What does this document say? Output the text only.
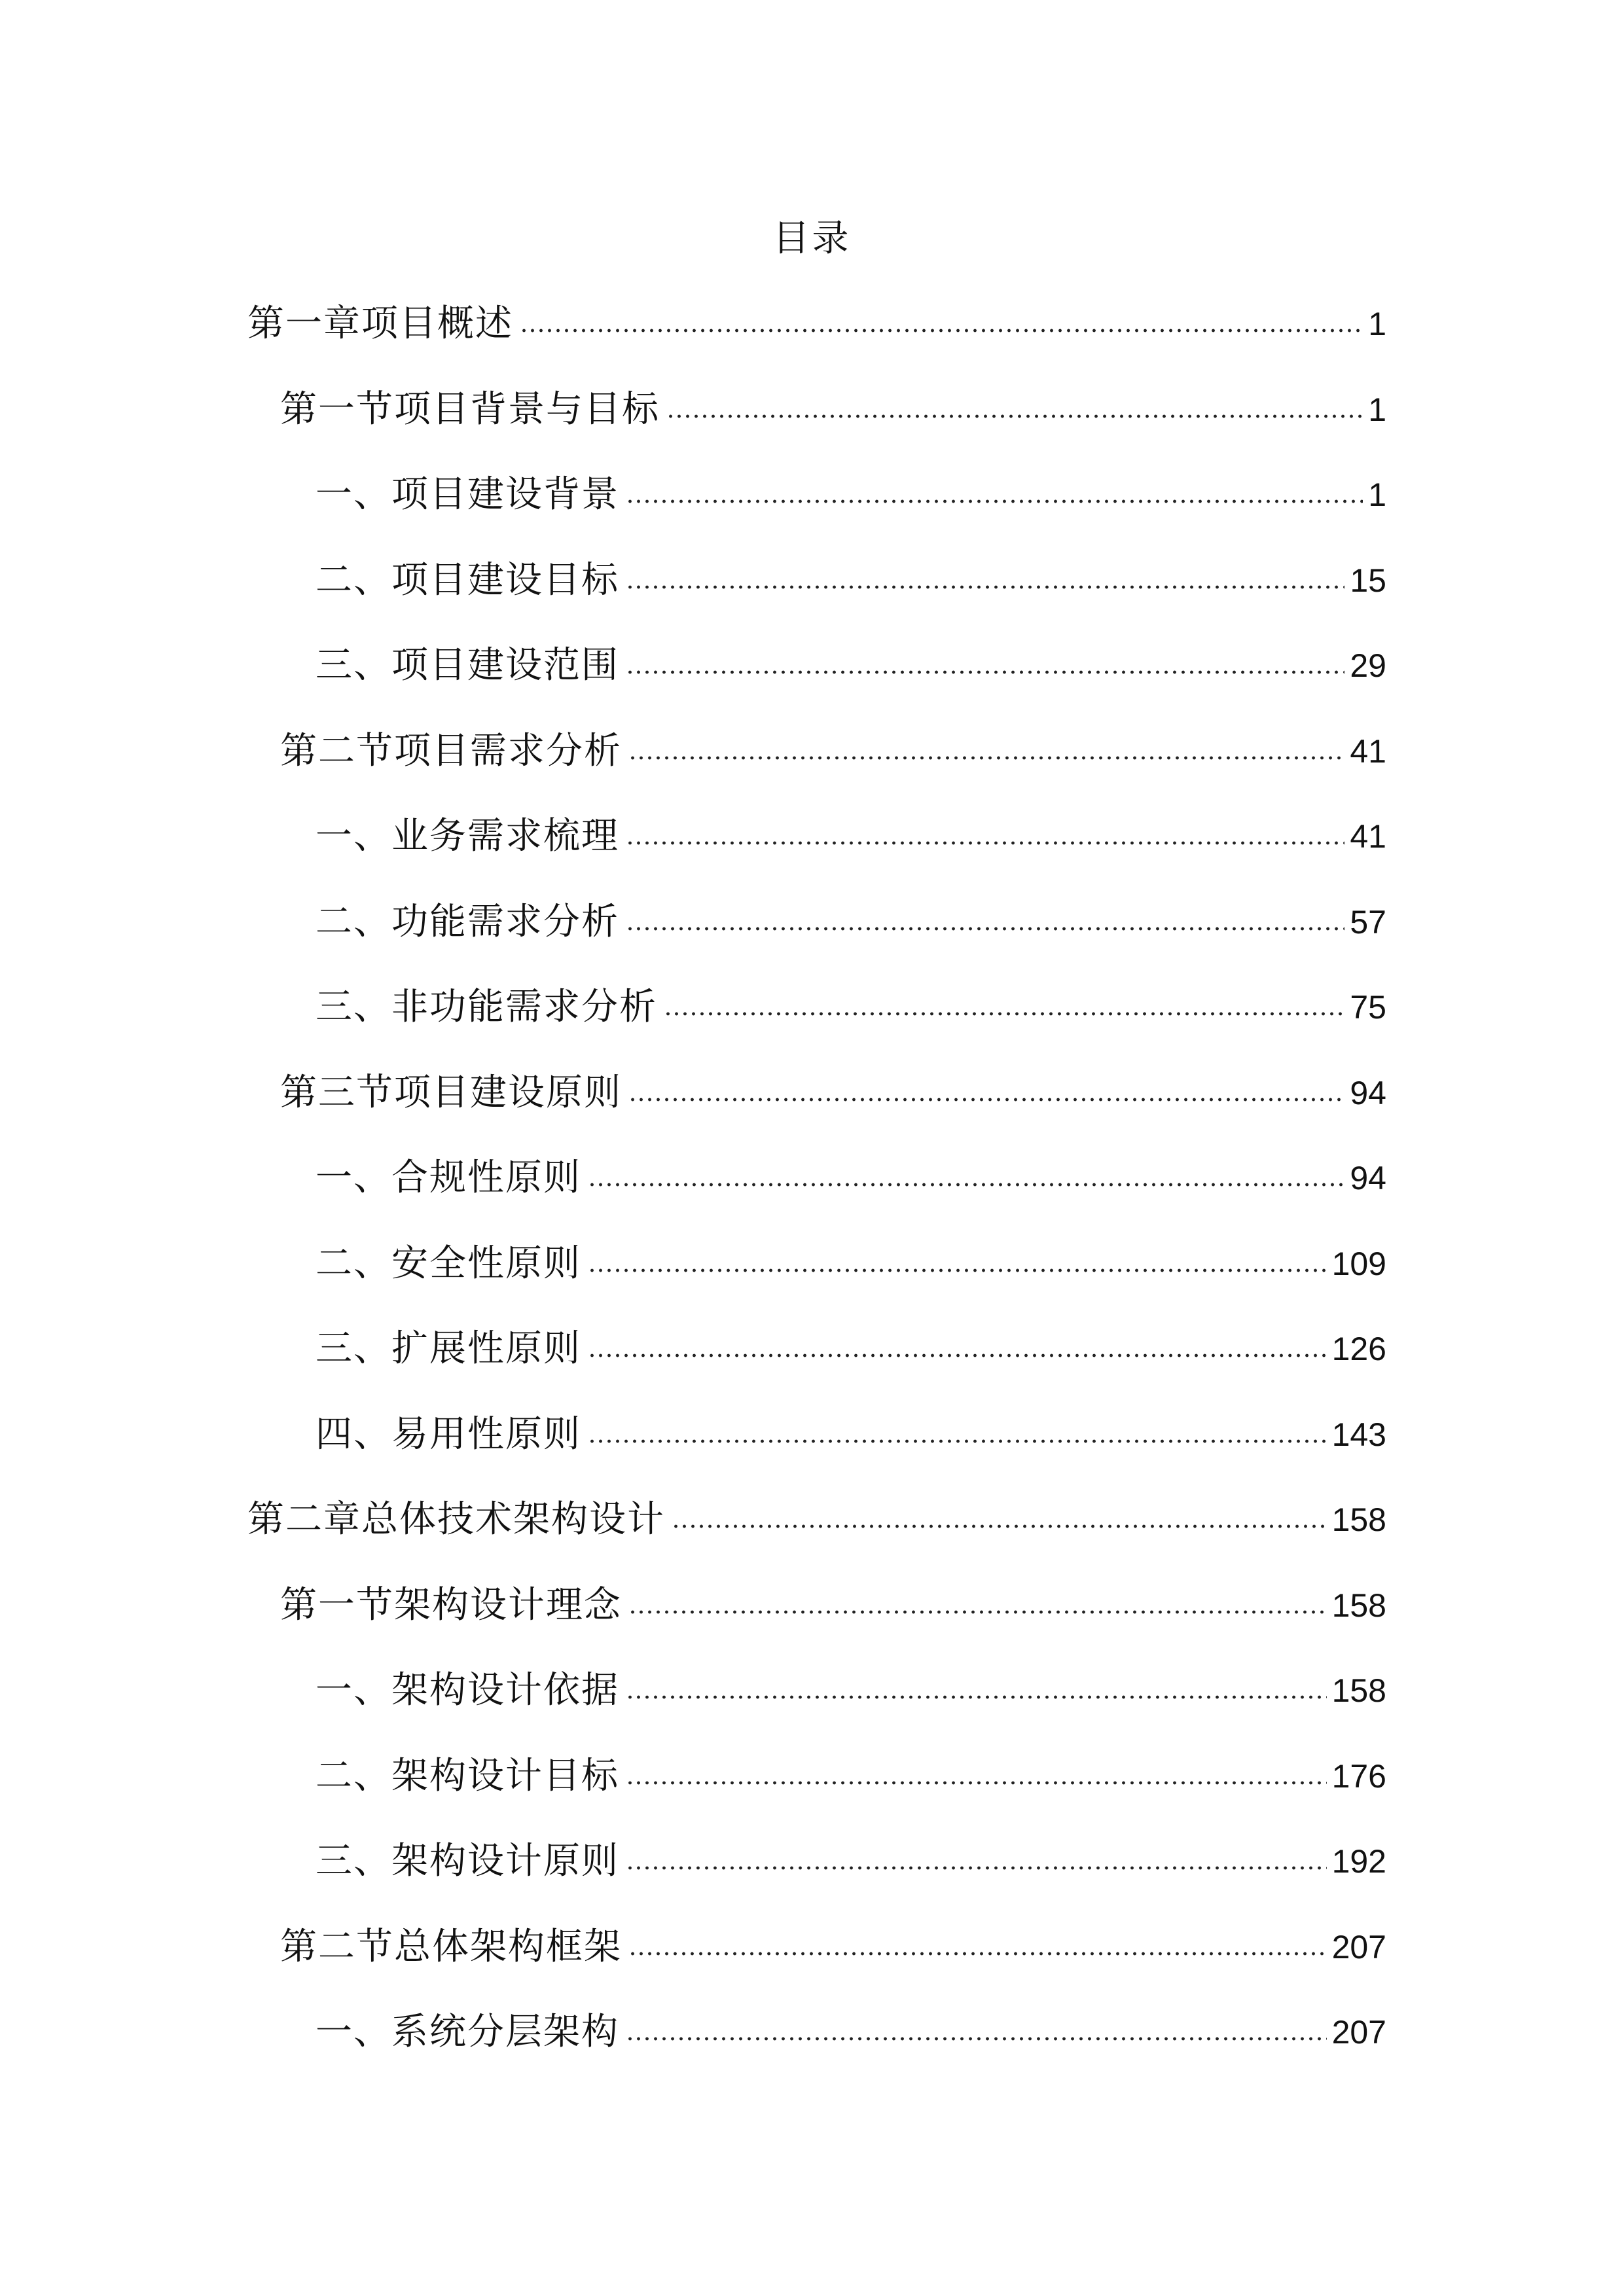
目录
第一章项目概述	1
第一节项目背景与目标	1
一、项目建设背景	1
二、项目建设目标	15
三、项目建设范围	29
第二节项目需求分析	41
一、业务需求梳理	41
二、功能需求分析	57
三、非功能需求分析	75
第三节项目建设原则	94
一、合规性原则	94
二、安全性原则	109
三、扩展性原则	126
四、易用性原则	143
第二章总体技术架构设计	158
第一节架构设计理念	158
一、架构设计依据	158
二、架构设计目标	176
三、架构设计原则	192
第二节总体架构框架	207
一、系统分层架构	207
